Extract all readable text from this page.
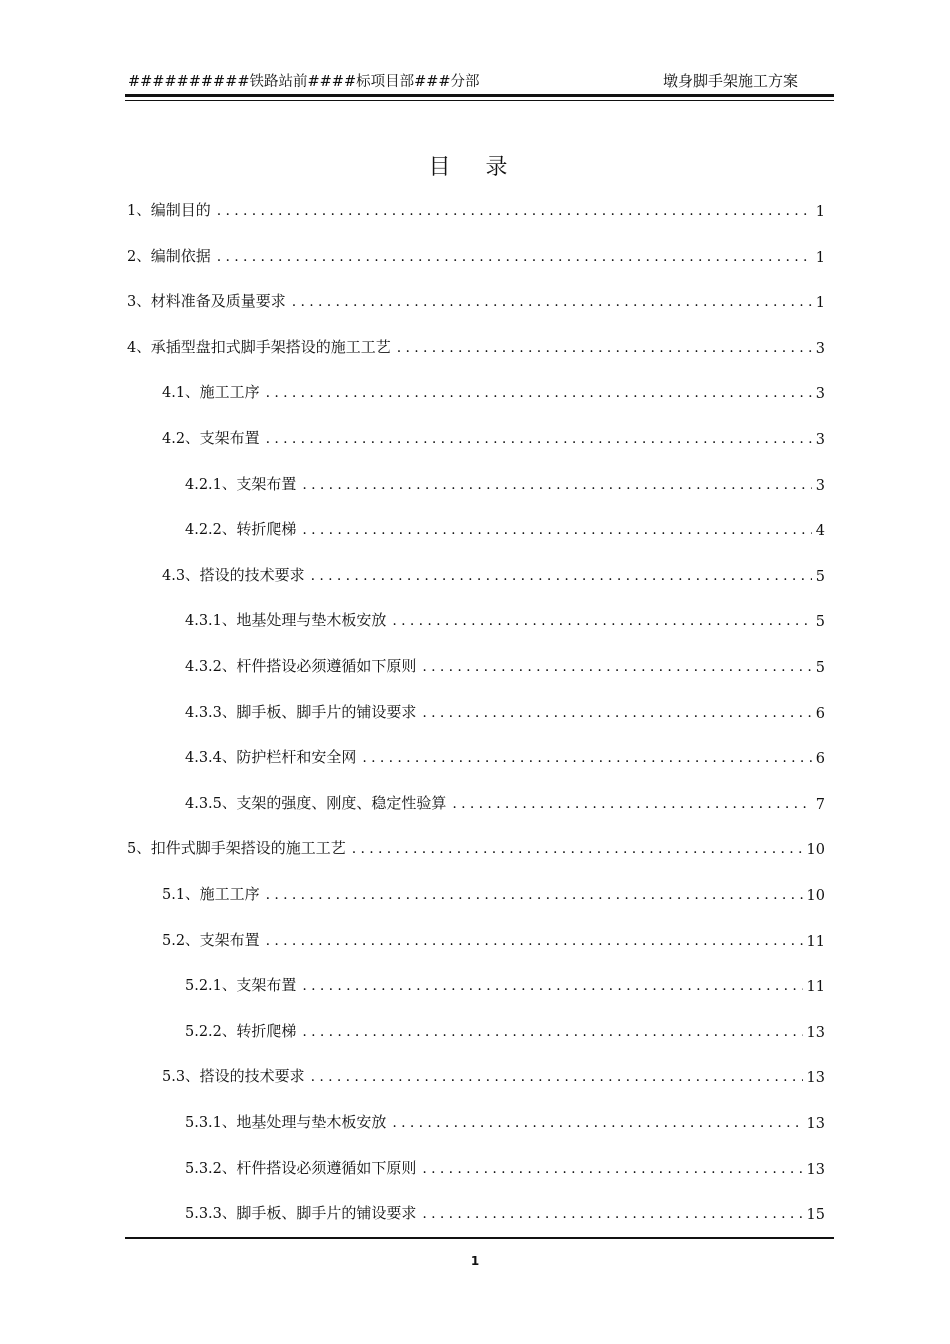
##########铁路站前####标项目部###分部	墩身脚手架施工方案
目 录
1、 编制目的 .....	1
2、 编制依据 .....	1
3、 材料准备及质量要求 .....	1
4、 承插型盘扣式脚手架搭设的施工工艺 .....	3
4.1、 施工工序 .....	3
4.2、 支架布置 .....	3
4.2.1、 支架布置 .....	3
4.2.2、 转折爬梯 .....	4
4.3、 搭设的技术要求 .....	5
4.3.1、 地基处理与垫木板安放 .....	5
4.3.2、 杆件搭设必须遵循如下原则 .....	5
4.3.3、 脚手板、脚手片的铺设要求 .....	6
4.3.4、 防护栏杆和安全网 .....	6
4.3.5、 支架的强度、刚度、稳定性验算 .....	7
5、 扣件式脚手架搭设的施工工艺 .....	10
5.1、 施工工序 .....	10
5.2、 支架布置 .....	11
5.2.1、 支架布置 .....	11
5.2.2、 转折爬梯 .....	13
5.3、 搭设的技术要求 .....	13
5.3.1、 地基处理与垫木板安放 .....	13
5.3.2、 杆件搭设必须遵循如下原则 .....	13
5.3.3、 脚手板、脚手片的铺设要求 .....	15
1
